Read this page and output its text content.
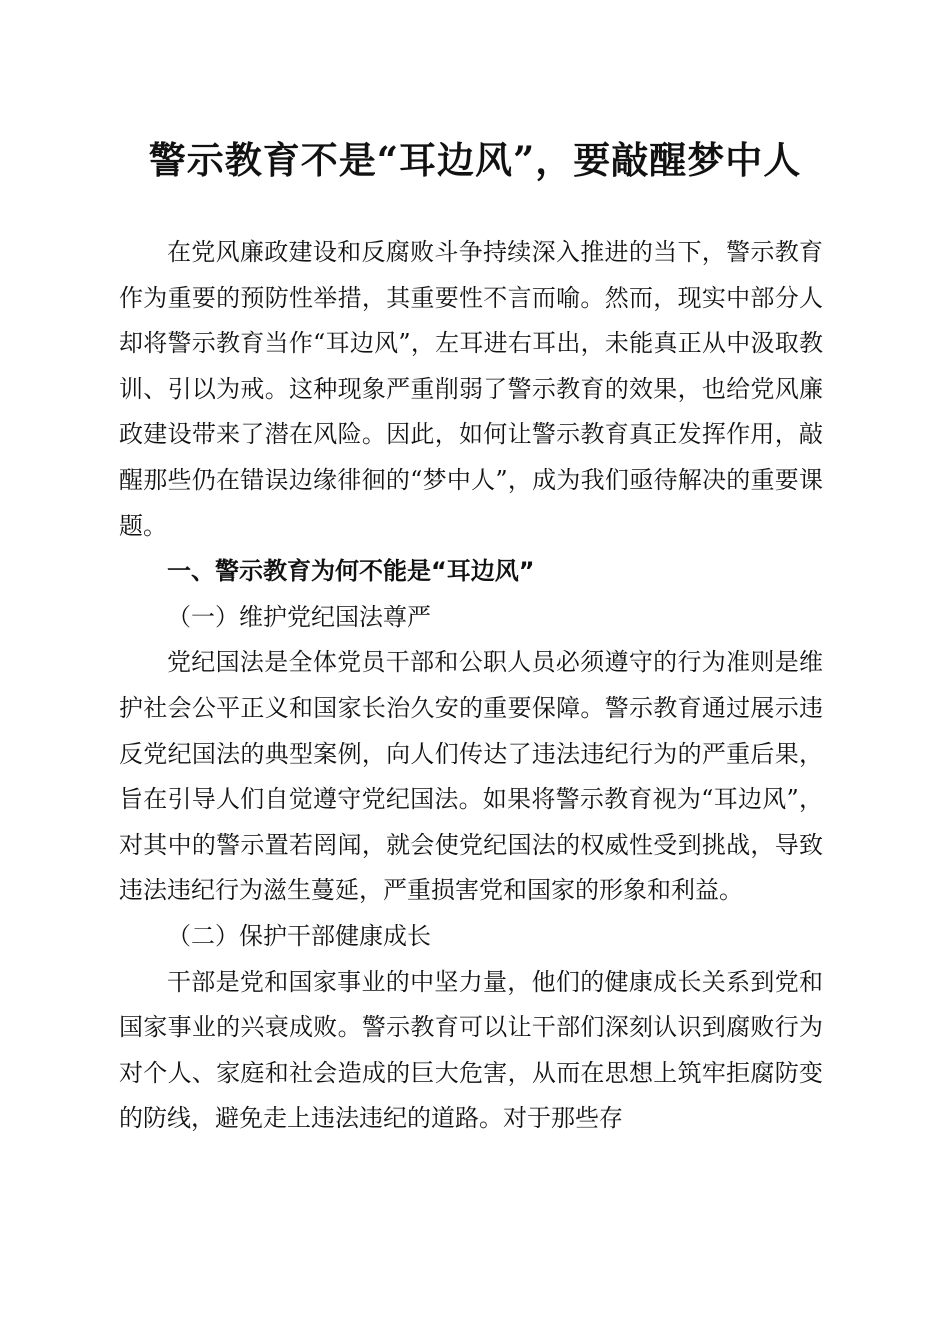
警示教育不是“耳边风”，要敲醒梦中人

在党风廉政建设和反腐败斗争持续深入推进的当下，警示教育作为重要的预防性举措，其重要性不言而喻。然而，现实中部分人却将警示教育当作“耳边风”，左耳进右耳出，未能真正从中汲取教训、引以为戒。这种现象严重削弱了警示教育的效果，也给党风廉政建设带来了潜在风险。因此，如何让警示教育真正发挥作用，敲醒那些仍在错误边缘徘徊的“梦中人”，成为我们亟待解决的重要课题。

一、警示教育为何不能是“耳边风”

（一）维护党纪国法尊严

党纪国法是全体党员干部和公职人员必须遵守的行为准则是维护社会公平正义和国家长治久安的重要保障。警示教育通过展示违反党纪国法的典型案例，向人们传达了违法违纪行为的严重后果，旨在引导人们自觉遵守党纪国法。如果将警示教育视为“耳边风”，对其中的警示置若罔闻，就会使党纪国法的权威性受到挑战，导致违法违纪行为滋生蔓延，严重损害党和国家的形象和利益。

（二）保护干部健康成长

干部是党和国家事业的中坚力量，他们的健康成长关系到党和国家事业的兴衰成败。警示教育可以让干部们深刻认识到腐败行为对个人、家庭和社会造成的巨大危害，从而在思想上筑牢拒腐防变的防线，避免走上违法违纪的道路。对于那些存
